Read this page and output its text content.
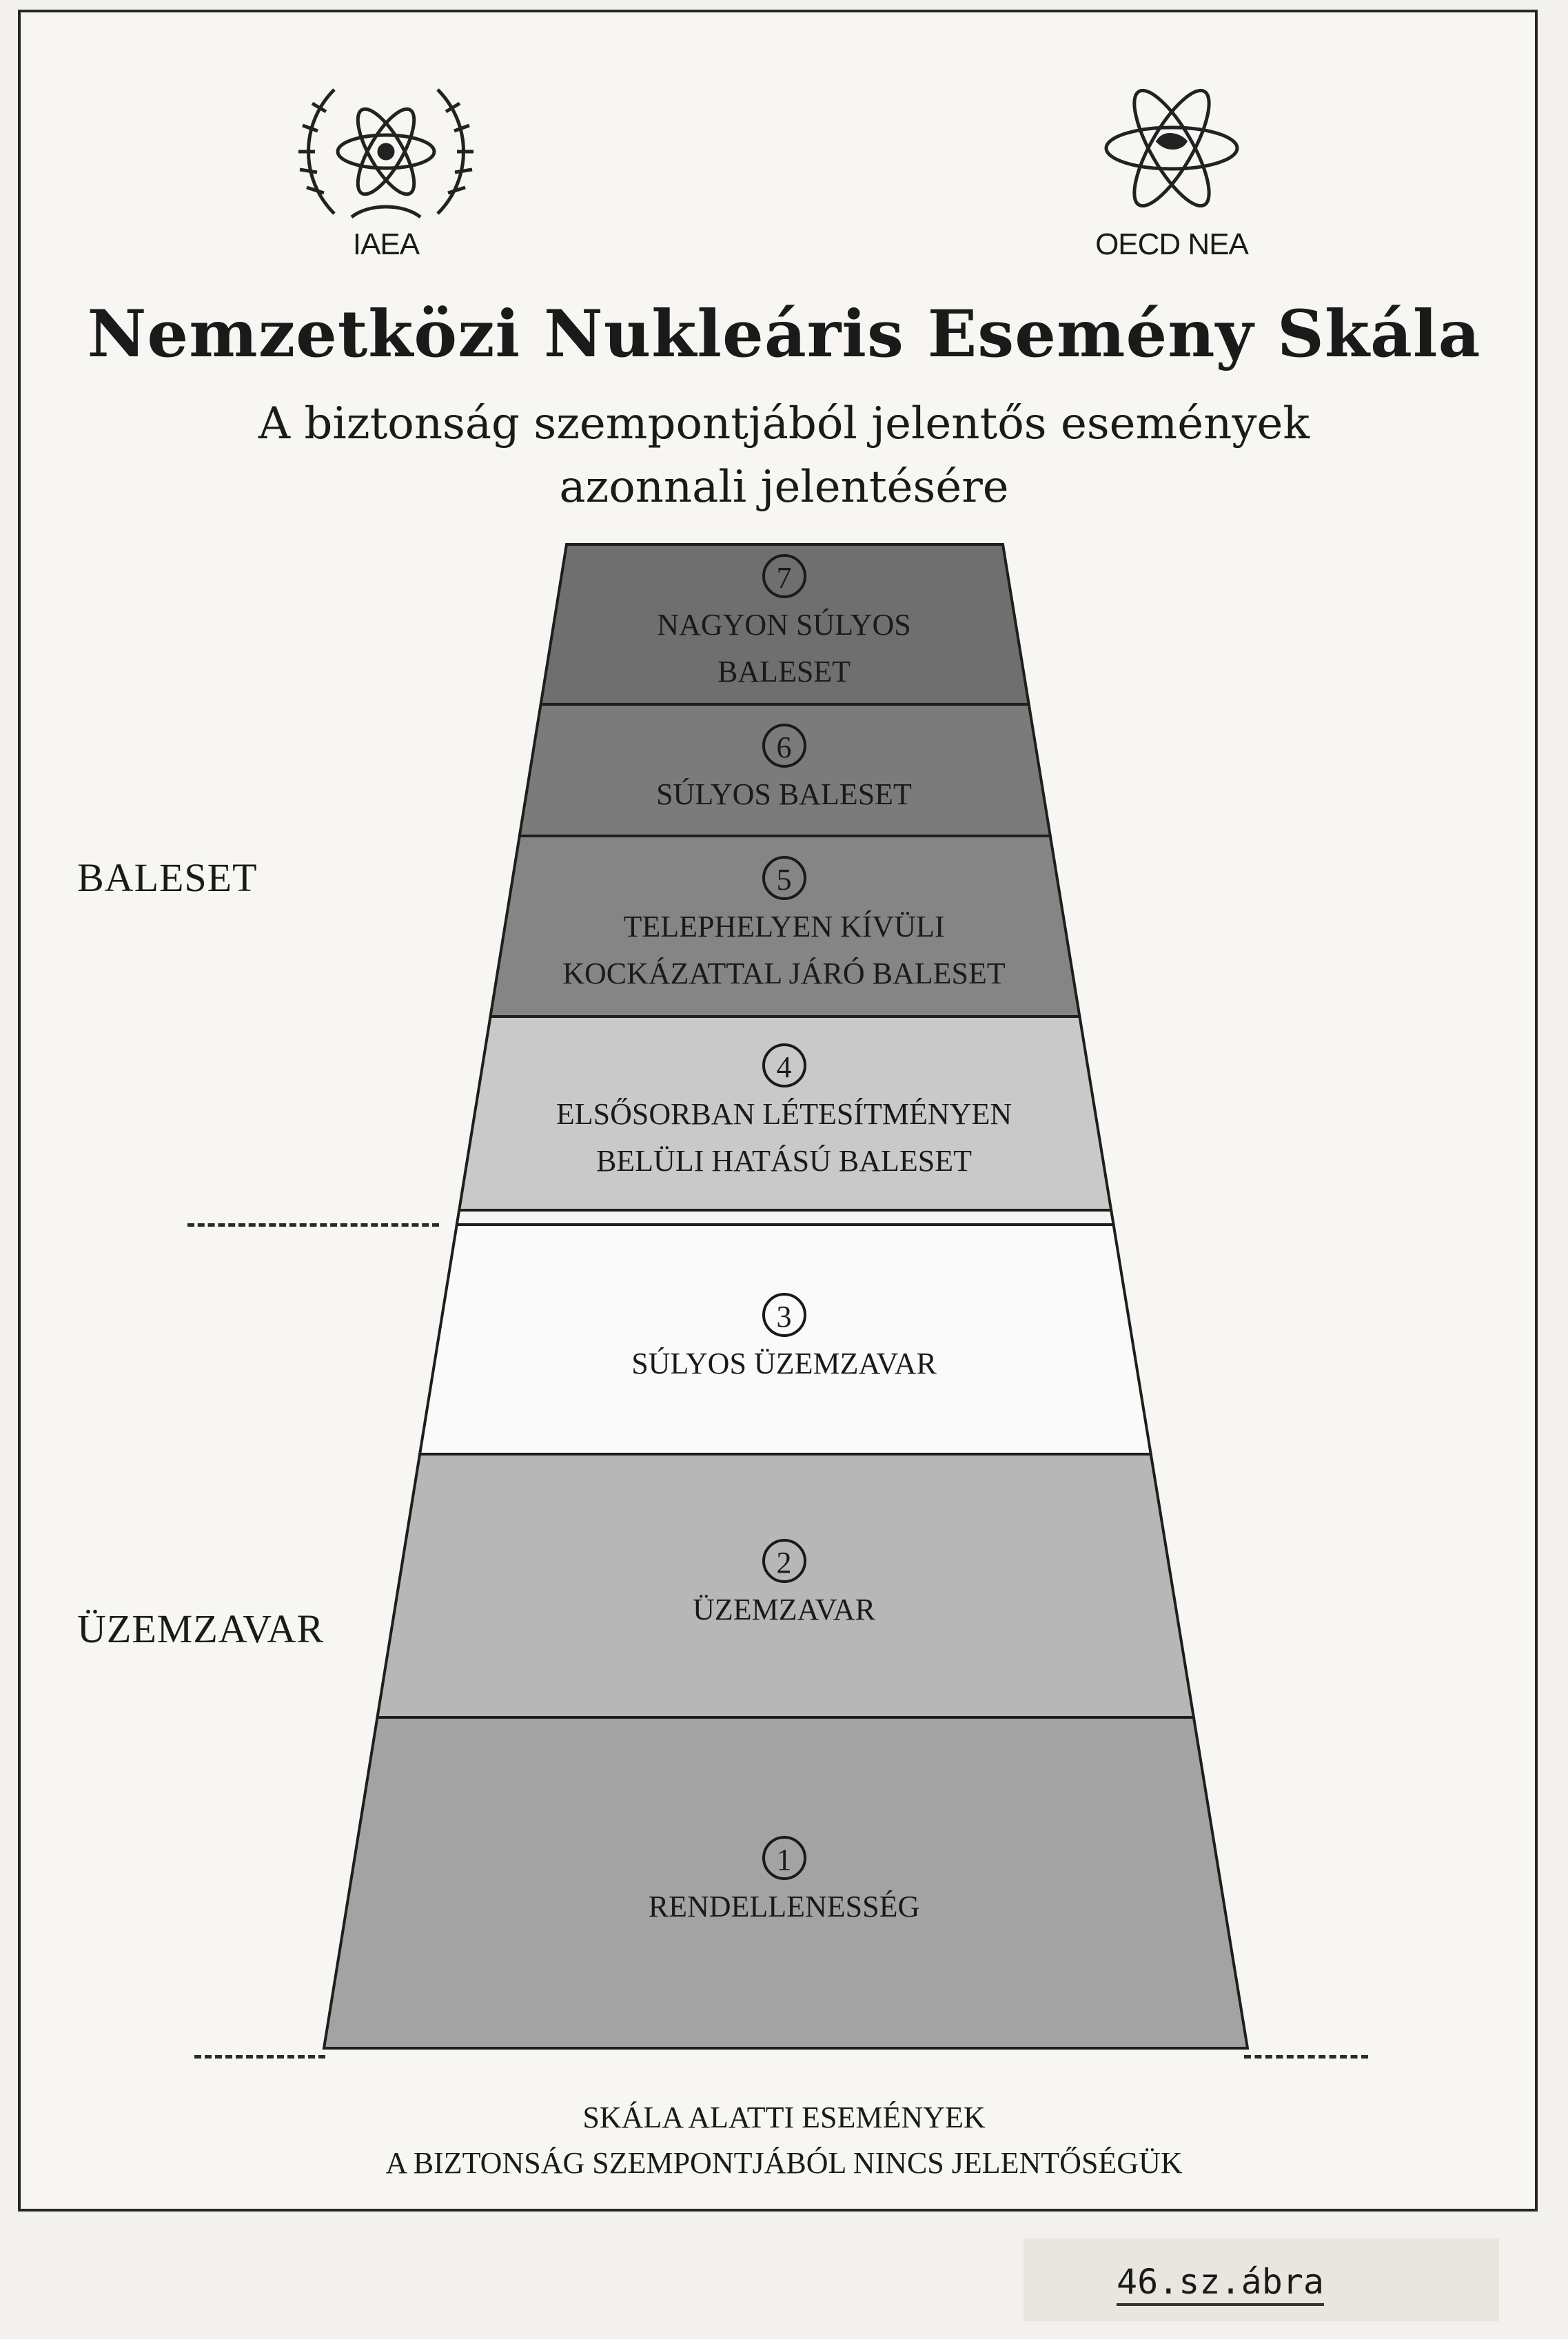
IAEA	OECD NEA
Nemzetközi Nukleáris Esemény Skála
A biztonság szempontjából jelentős események
azonnali jelentésére
BALESET
ÜZEMZAVAR
7
NAGYON SÚLYOS
BALESET
6
SÚLYOS BALESET
5
TELEPHELYEN KÍVÜLI
KOCKÁZATTAL JÁRÓ BALESET
4
ELSŐSORBAN LÉTESÍTMÉNYEN
BELÜLI HATÁSÚ BALESET
3
SÚLYOS ÜZEMZAVAR
2
ÜZEMZAVAR
1
RENDELLENESSÉG
SKÁLA ALATTI ESEMÉNYEK
A BIZTONSÁG SZEMPONTJÁBÓL NINCS JELENTŐSÉGÜK
46.sz.ábra
